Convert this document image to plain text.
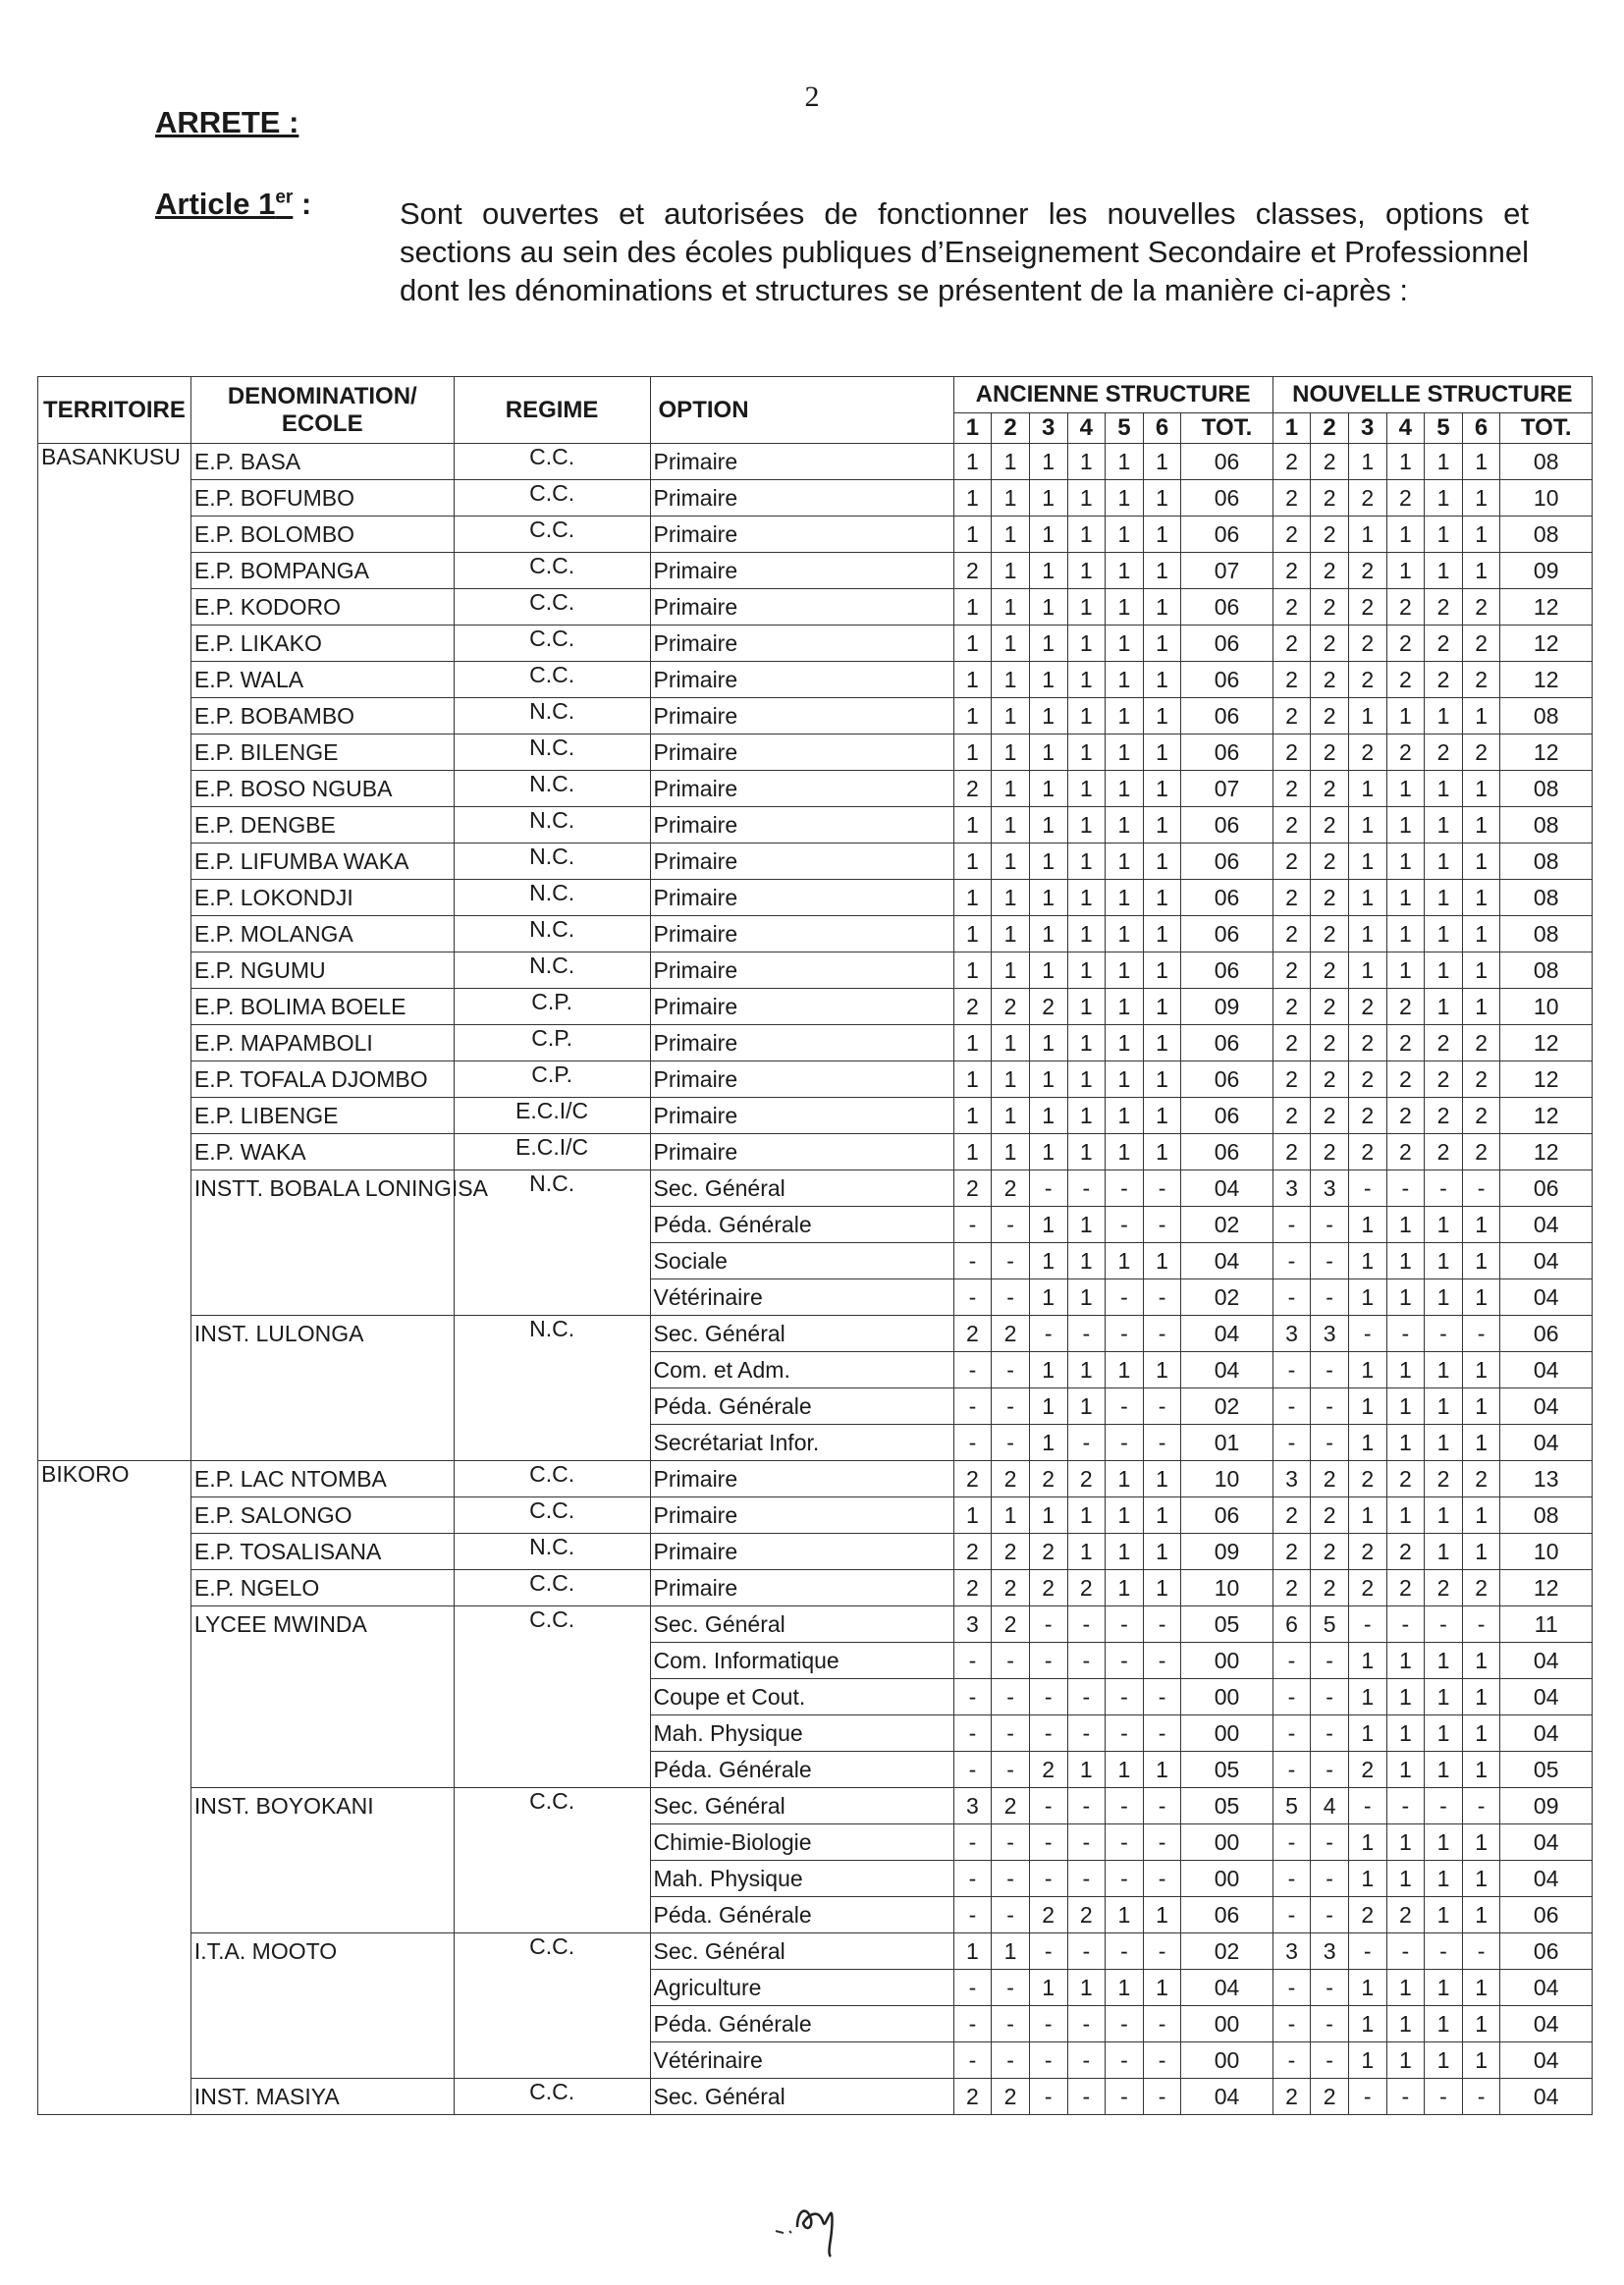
2
ARRETE :
Article 1er :	Sont ouvertes et autorisées de fonctionner les nouvelles classes, options et sections au sein des écoles publiques d’Enseignement Secondaire et Professionnel dont les dénominations et structures se présentent de la manière ci-après :
TERRITOIRE	DENOMINATION/ ECOLE	REGIME	OPTION	ANCIENNE STRUCTURE							NOUVELLE STRUCTURE						
				1	2	3	4	5	6	TOT.	1	2	3	4	5	6	TOT.
BASANKUSU	E.P. BASA	C.C.	Primaire	1	1	1	1	1	1	06	2	2	1	1	1	1	08
	E.P. BOFUMBO	C.C.	Primaire	1	1	1	1	1	1	06	2	2	2	2	1	1	10
	E.P. BOLOMBO	C.C.	Primaire	1	1	1	1	1	1	06	2	2	1	1	1	1	08
	E.P. BOMPANGA	C.C.	Primaire	2	1	1	1	1	1	07	2	2	2	1	1	1	09
	E.P. KODORO	C.C.	Primaire	1	1	1	1	1	1	06	2	2	2	2	2	2	12
	E.P. LIKAKO	C.C.	Primaire	1	1	1	1	1	1	06	2	2	2	2	2	2	12
	E.P. WALA	C.C.	Primaire	1	1	1	1	1	1	06	2	2	2	2	2	2	12
	E.P. BOBAMBO	N.C.	Primaire	1	1	1	1	1	1	06	2	2	1	1	1	1	08
	E.P. BILENGE	N.C.	Primaire	1	1	1	1	1	1	06	2	2	2	2	2	2	12
	E.P. BOSO NGUBA	N.C.	Primaire	2	1	1	1	1	1	07	2	2	1	1	1	1	08
	E.P. DENGBE	N.C.	Primaire	1	1	1	1	1	1	06	2	2	1	1	1	1	08
	E.P. LIFUMBA WAKA	N.C.	Primaire	1	1	1	1	1	1	06	2	2	1	1	1	1	08
	E.P. LOKONDJI	N.C.	Primaire	1	1	1	1	1	1	06	2	2	1	1	1	1	08
	E.P. MOLANGA	N.C.	Primaire	1	1	1	1	1	1	06	2	2	1	1	1	1	08
	E.P. NGUMU	N.C.	Primaire	1	1	1	1	1	1	06	2	2	1	1	1	1	08
	E.P. BOLIMA BOELE	C.P.	Primaire	2	2	2	1	1	1	09	2	2	2	2	1	1	10
	E.P. MAPAMBOLI	C.P.	Primaire	1	1	1	1	1	1	06	2	2	2	2	2	2	12
	E.P. TOFALA DJOMBO	C.P.	Primaire	1	1	1	1	1	1	06	2	2	2	2	2	2	12
	E.P. LIBENGE	E.C.I/C	Primaire	1	1	1	1	1	1	06	2	2	2	2	2	2	12
	E.P. WAKA	E.C.I/C	Primaire	1	1	1	1	1	1	06	2	2	2	2	2	2	12
	INSTT. BOBALA LONINGISA	N.C.	Sec. Général	2	2	-	-	-	-	04	3	3	-	-	-	-	06
			Péda. Générale	-	-	1	1	-	-	02	-	-	1	1	1	1	04
			Sociale	-	-	1	1	1	1	04	-	-	1	1	1	1	04
			Vétérinaire	-	-	1	1	-	-	02	-	-	1	1	1	1	04
	INST. LULONGA	N.C.	Sec. Général	2	2	-	-	-	-	04	3	3	-	-	-	-	06
			Com. et Adm.	-	-	1	1	1	1	04	-	-	1	1	1	1	04
			Péda. Générale	-	-	1	1	-	-	02	-	-	1	1	1	1	04
			Secrétariat Infor.	-	-	1	-	-	-	01	-	-	1	1	1	1	04
BIKORO	E.P. LAC NTOMBA	C.C.	Primaire	2	2	2	2	1	1	10	3	2	2	2	2	2	13
	E.P. SALONGO	C.C.	Primaire	1	1	1	1	1	1	06	2	2	1	1	1	1	08
	E.P. TOSALISANA	N.C.	Primaire	2	2	2	1	1	1	09	2	2	2	2	1	1	10
	E.P. NGELO	C.C.	Primaire	2	2	2	2	1	1	10	2	2	2	2	2	2	12
	LYCEE MWINDA	C.C.	Sec. Général	3	2	-	-	-	-	05	6	5	-	-	-	-	11
			Com. Informatique	-	-	-	-	-	-	00	-	-	1	1	1	1	04
			Coupe et Cout.	-	-	-	-	-	-	00	-	-	1	1	1	1	04
			Mah. Physique	-	-	-	-	-	-	00	-	-	1	1	1	1	04
			Péda. Générale	-	-	2	1	1	1	05	-	-	2	1	1	1	05
	INST. BOYOKANI	C.C.	Sec. Général	3	2	-	-	-	-	05	5	4	-	-	-	-	09
			Chimie-Biologie	-	-	-	-	-	-	00	-	-	1	1	1	1	04
			Mah. Physique	-	-	-	-	-	-	00	-	-	1	1	1	1	04
			Péda. Générale	-	-	2	2	1	1	06	-	-	2	2	1	1	06
	I.T.A. MOOTO	C.C.	Sec. Général	1	1	-	-	-	-	02	3	3	-	-	-	-	06
			Agriculture	-	-	1	1	1	1	04	-	-	1	1	1	1	04
			Péda. Générale	-	-	-	-	-	-	00	-	-	1	1	1	1	04
			Vétérinaire	-	-	-	-	-	-	00	-	-	1	1	1	1	04
	INST. MASIYA	C.C.	Sec. Général	2	2	-	-	-	-	04	2	2	-	-	-	-	04
